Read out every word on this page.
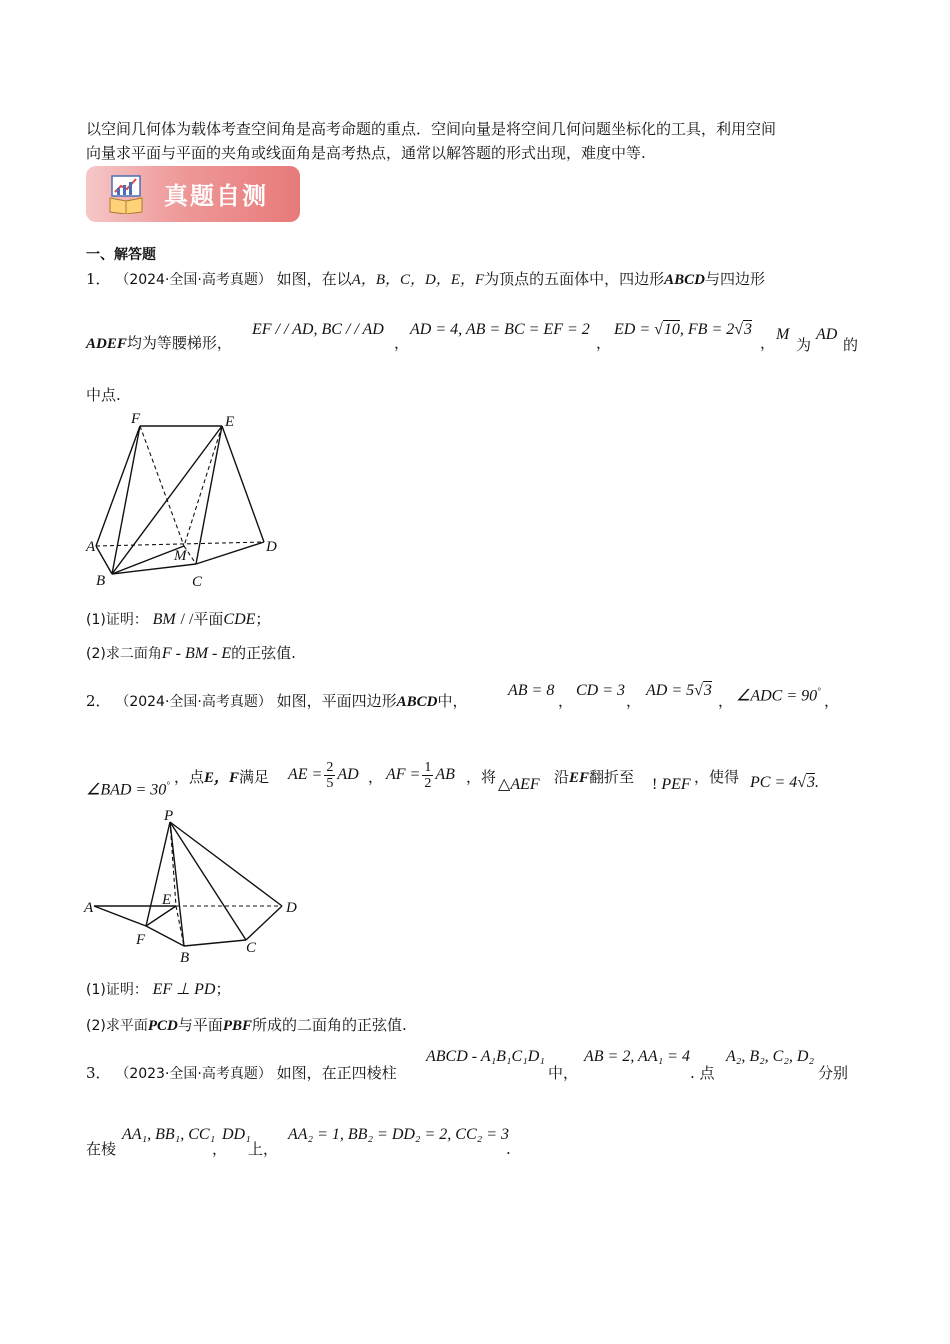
以空间几何体为载体考查空间角是高考命题的重点．空间向量是将空间几何问题坐标化的工具，利用空间
向量求平面与平面的夹角或线面角是高考热点，通常以解答题的形式出现，难度中等.
真题自测
一、解答题
1． （2024·全国·高考真题） 如图，在以A，B，C，D，E，F为顶点的五面体中，四边形ABCD与四边形
ADEF均为等腰梯形，
EF / / AD, BC / / AD
，
AD = 4, AB = BC = EF = 2
，
ED = √10, FB = 2√3
， M
为
AD
的
中点.
F	E
A
M
D
B	C
(1)证明： BM / /平面CDE；
(2)求二面角F - BM - E的正弦值.
2． （2024·全国·高考真题） 如图，平面四边形ABCD中，
AB = 8
，
CD = 3
，
AD = 5√3
， ∠ADC = 90°
，
∠BAD = 30° ，点E，F满足 AE = $\frac{2}{5}$ AD ， AF = $\frac{1}{2}$ AB ，将 △AEF 沿EF翻折至 ! PEF ，使得 PC = 4√3.
P
A	E	D
F	C
B
(1)证明： EF ⊥ PD；
(2)求平面PCD与平面PBF所成的二面角的正弦值.
3． （2023·全国·高考真题） 如图，在正四棱柱
ABCD - A₁B₁C₁D₁
中，
AB = 2, AA₁ = 4
. 点
A₂, B₂, C₂, D₂
分别
在棱
AA₁, BB₁, CC₁
，
DD₁
上，
AA₂ = 1, BB₂ = DD₂ = 2, CC₂ = 3
.
